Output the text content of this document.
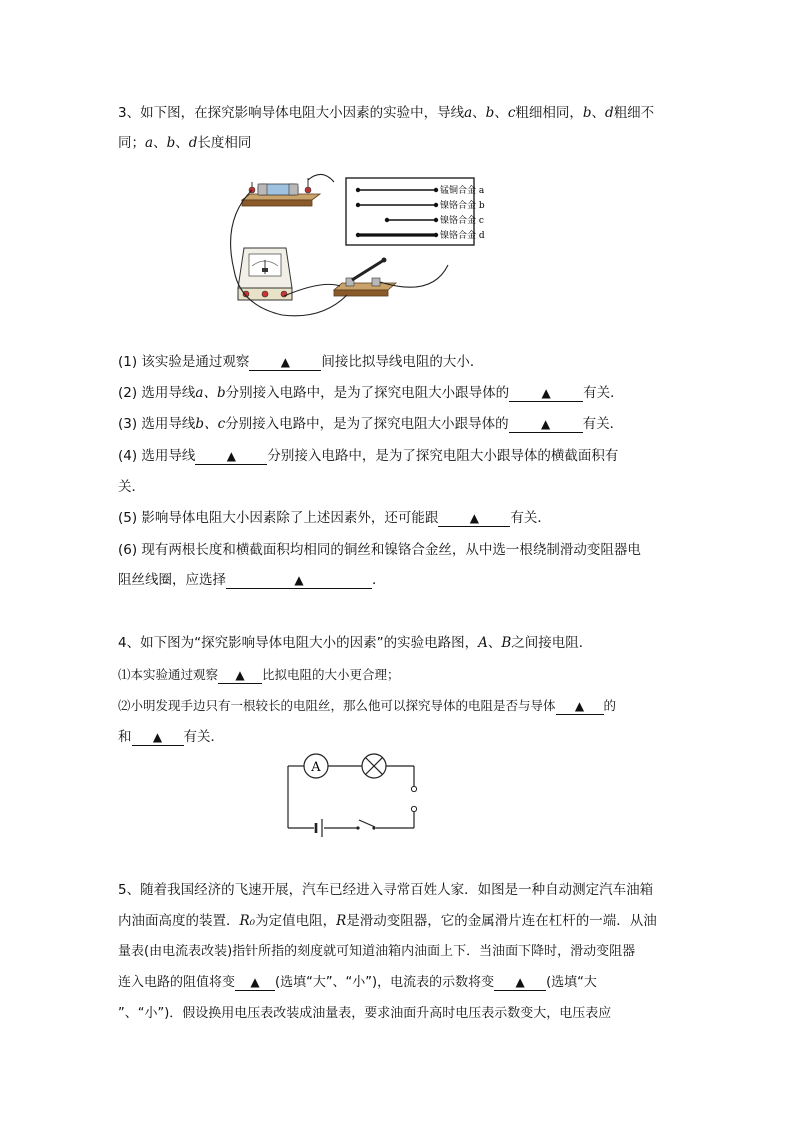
3、如下图，在探究影响导体电阻大小因素的实验中，导线a、b、c粗细相同，b、d粗细不
同；a、b、d长度相同
锰铜合金 a
镍铬合金 b
镍铬合金 c
镍铬合金 d
(1) 该实验是通过观察	▲ 间接比拟导线电阻的大小．
(2) 选用导线a、b分别接入电路中，是为了探究电阻大小跟导体的	▲ 有关．
(3) 选用导线b、c分别接入电路中，是为了探究电阻大小跟导体的	▲ 有关．
(4) 选用导线	▲ 分别接入电路中，是为了探究电阻大小跟导体的横截面积有
关．
(5) 影响导体电阻大小因素除了上述因素外，还可能跟	▲ 有关．
(6) 现有两根长度和横截面积均相同的铜丝和镍铬合金丝，从中选一根绕制滑动变阻器电
阻丝线圈，应选择	▲	．
4、如下图为“探究影响导体电阻大小的因素”的实验电路图，A、B之间接电阻．
⑴本实验通过观察 ▲ 比拟电阻的大小更合理；
⑵小明发现手边只有一根较长的电阻丝，那么他可以探究导体的电阻是否与导体 ▲ 的
和 ▲ 有关．
A
5、随着我国经济的飞速开展，汽车已经进入寻常百姓人家．如图是一种自动测定汽车油箱
内油面高度的装置．R₀为定值电阻，R是滑动变阻器，它的金属滑片连在杠杆的一端．从油
量表(由电流表改装)指针所指的刻度就可知道油箱内油面上下．当油面下降时，滑动变阻器
连入电路的阻值将变 ▲ (选填“大”、“小”)，电流表的示数将变 ▲ (选填“大
”、“小”)．假设换用电压表改装成油量表，要求油面升高时电压表示数变大，电压表应
